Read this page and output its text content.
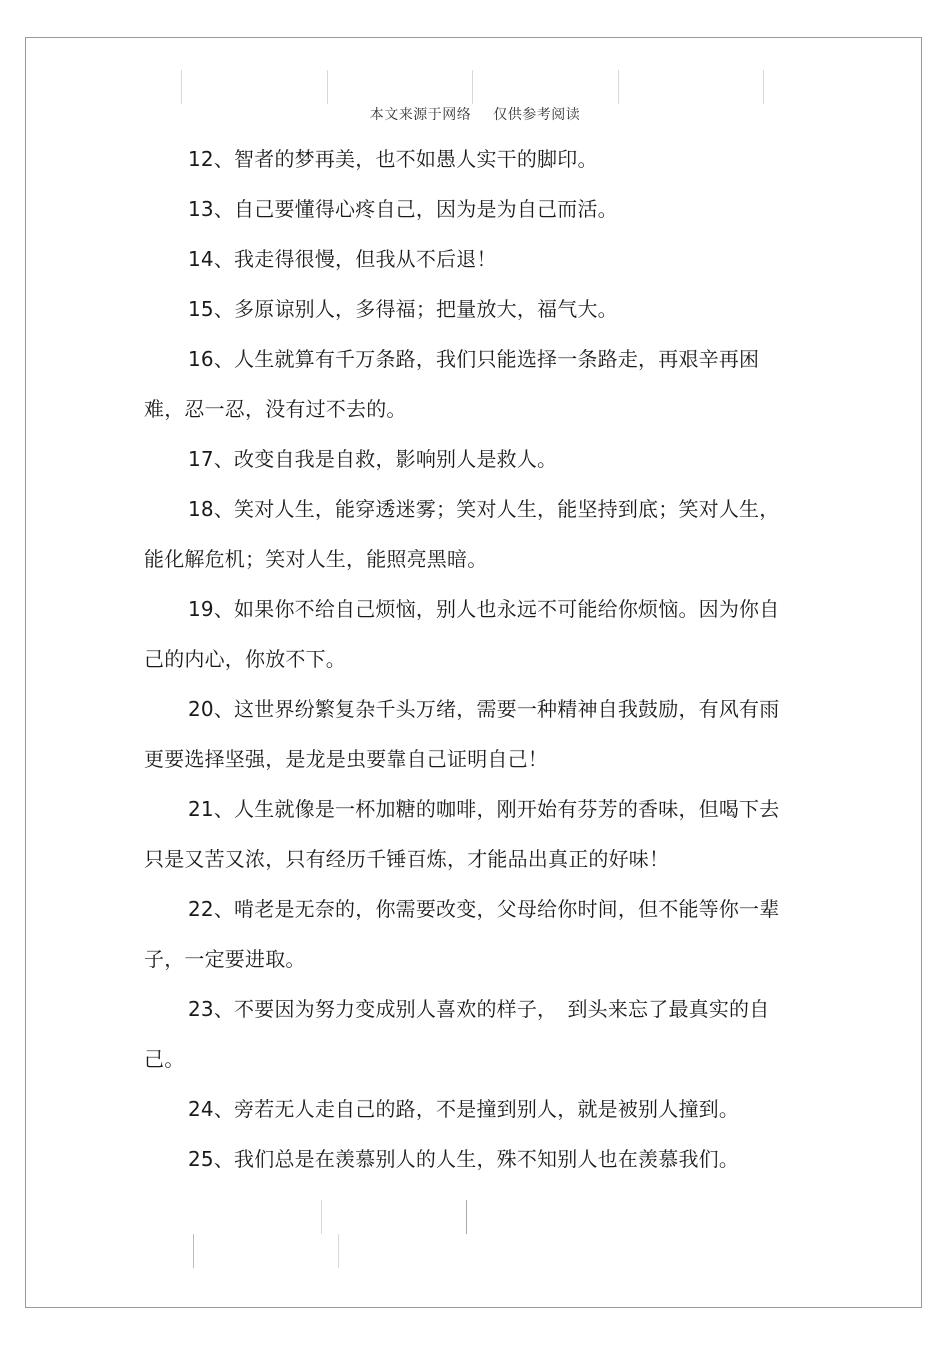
本文来源于网络 仅供参考阅读

12、智者的梦再美，也不如愚人实干的脚印。

13、自己要懂得心疼自己，因为是为自己而活。

14、我走得很慢，但我从不后退！

15、多原谅别人，多得福；把量放大，福气大。

16、人生就算有千万条路，我们只能选择一条路走，再艰辛再困难，忍一忍，没有过不去的。

17、改变自我是自救，影响别人是救人。

18、笑对人生，能穿透迷雾；笑对人生，能坚持到底；笑对人生，能化解危机；笑对人生，能照亮黑暗。

19、如果你不给自己烦恼，别人也永远不可能给你烦恼。因为你自己的内心，你放不下。

20、这世界纷繁复杂千头万绪，需要一种精神自我鼓励，有风有雨更要选择坚强，是龙是虫要靠自己证明自己！

21、人生就像是一杯加糖的咖啡，刚开始有芬芳的香味，但喝下去只是又苦又浓，只有经历千锤百炼，才能品出真正的好味！

22、啃老是无奈的，你需要改变，父母给你时间，但不能等你一辈子，一定要进取。

23、不要因为努力变成别人喜欢的样子，　到头来忘了最真实的自己。

24、旁若无人走自己的路，不是撞到别人，就是被别人撞到。

25、我们总是在羡慕别人的人生，殊不知别人也在羡慕我们。
